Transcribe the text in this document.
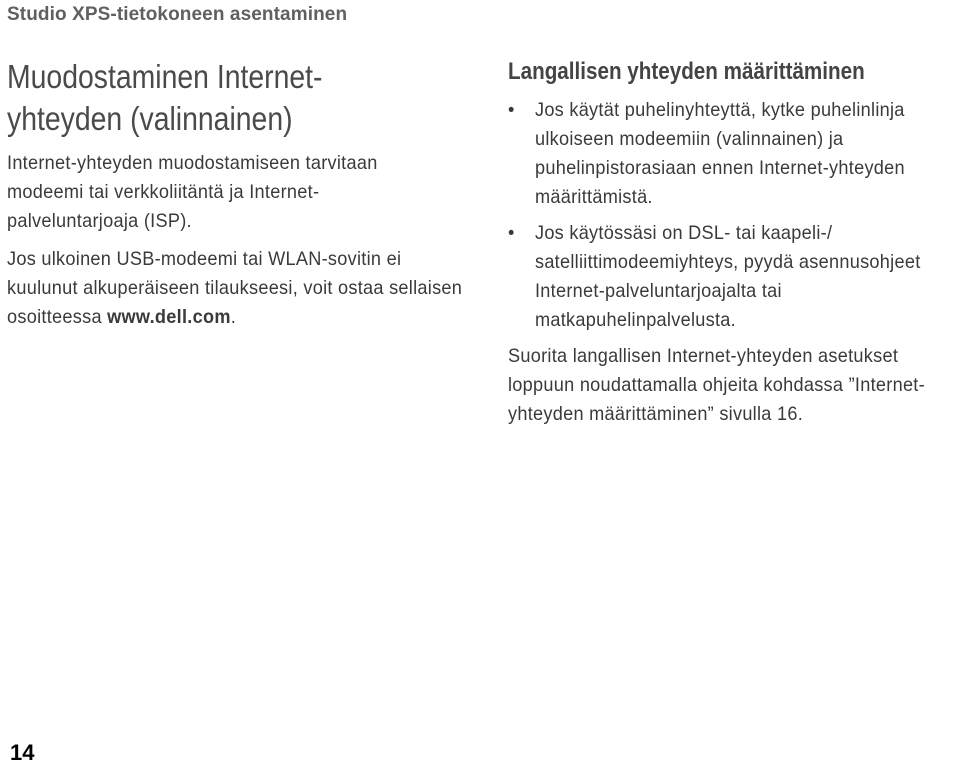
Studio XPS-tietokoneen asentaminen
Muodostaminen Internet-
yhteyden (valinnainen)

Internet-yhteyden muodostamiseen tarvitaan modeemi tai verkkoliitäntä ja Internet-palveluntarjoaja (ISP).

Jos ulkoinen USB-modeemi tai WLAN-sovitin ei kuulunut alkuperäiseen tilaukseesi, voit ostaa sellaisen osoitteessa www.dell.com.

Langallisen yhteyden määrittäminen
• Jos käytät puhelinyhteyttä, kytke puhelinlinja ulkoiseen modeemiin (valinnainen) ja puhelinpistorasiaan ennen Internet-yhteyden määrittämistä.
• Jos käytössäsi on DSL- tai kaapeli-/ satelliittimodeemiyhteys, pyydä asennusohjeet Internet-palveluntarjoajalta tai matkapuhelinpalvelusta.

Suorita langallisen Internet-yhteyden asetukset loppuun noudattamalla ohjeita kohdassa ”Internet-yhteyden määrittäminen” sivulla 16.

14
